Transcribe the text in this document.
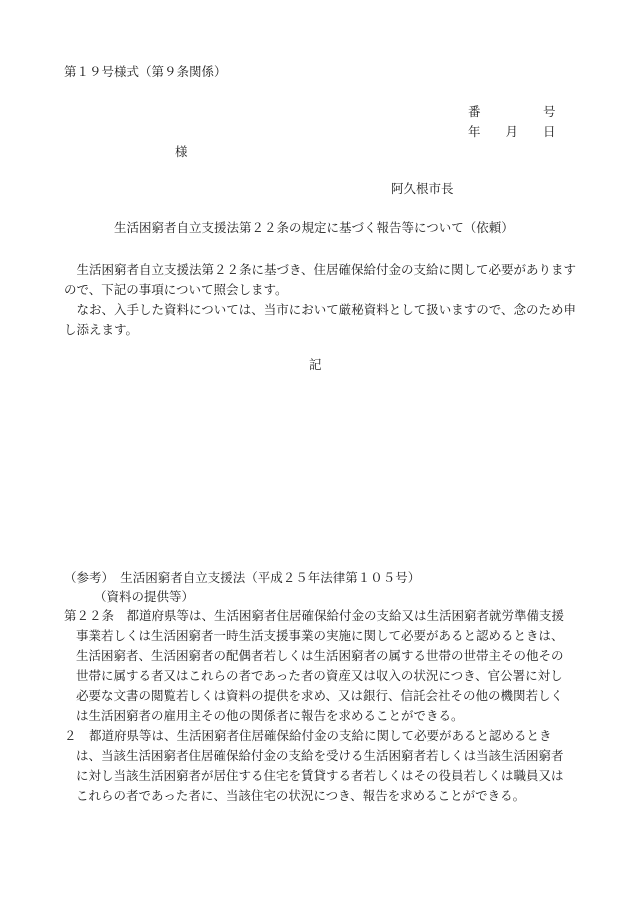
第１９号様式（第９条関係）
番　　　　　号
年　　月　　日
様
阿久根市長
生活困窮者自立支援法第２２条の規定に基づく報告等について（依頼）

生活困窮者自立支援法第２２条に基づき、住居確保給付金の支給に関して必要がありますので、下記の事項について照会します。

なお、入手した資料については、当市において厳秘資料として扱いますので、念のため申し添えます。

記
（参考）　生活困窮者自立支援法（平成２５年法律第１０５号）
（資料の提供等）

第２２条　都道府県等は、生活困窮者住居確保給付金の支給又は生活困窮者就労準備支援事業若しくは生活困窮者一時生活支援事業の実施に関して必要があると認めるときは、生活困窮者、生活困窮者の配偶者若しくは生活困窮者の属する世帯の世帯主その他その世帯に属する者又はこれらの者であった者の資産又は収入の状況につき、官公署に対し必要な文書の閲覧若しくは資料の提供を求め、又は銀行、信託会社その他の機関若しくは生活困窮者の雇用主その他の関係者に報告を求めることができる。

２　都道府県等は、生活困窮者住居確保給付金の支給に関して必要があると認めるときは、当該生活困窮者住居確保給付金の支給を受ける生活困窮者若しくは当該生活困窮者に対し当該生活困窮者が居住する住宅を賃貸する者若しくはその役員若しくは職員又はこれらの者であった者に、当該住宅の状況につき、報告を求めることができる。
